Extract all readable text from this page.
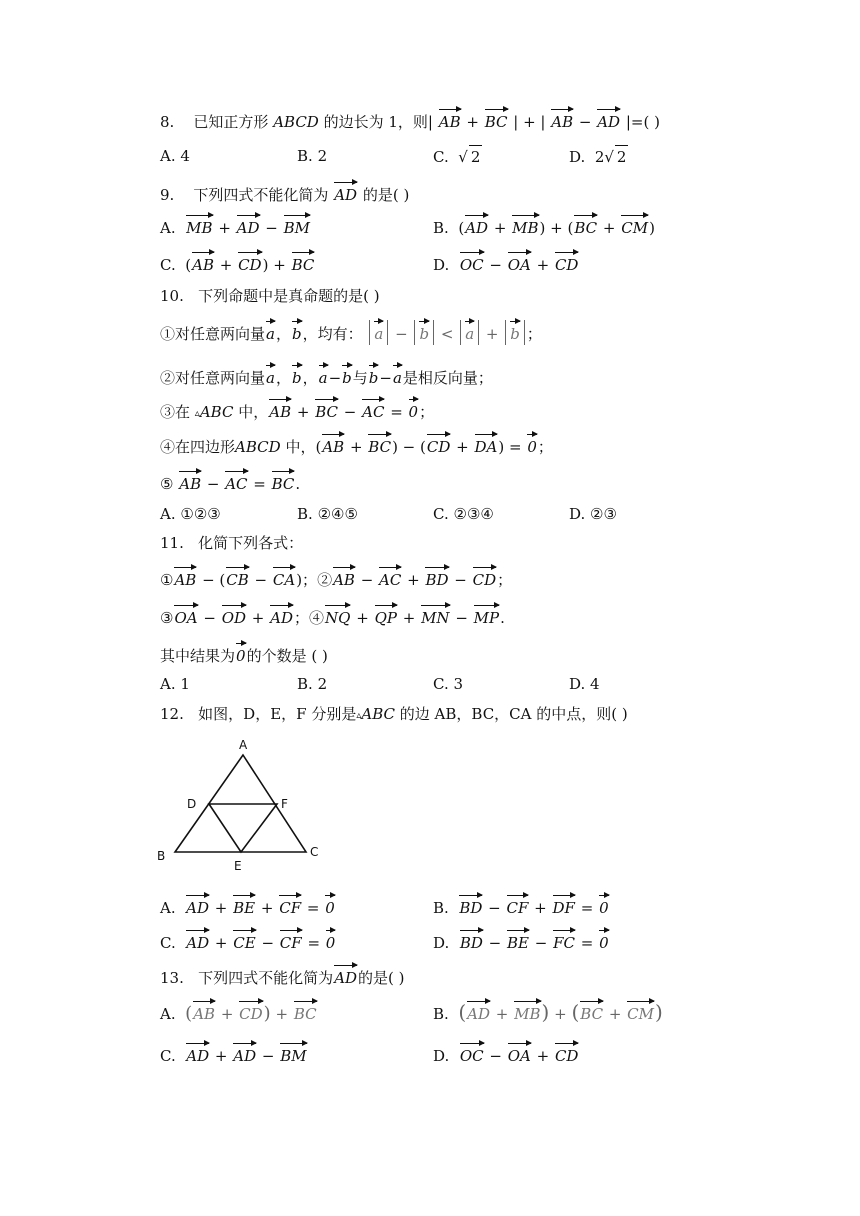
8. 已知正方形 ABCD 的边长为 1，则| AB + BC | + | AB − AD |=( )
A. 4	B. 2	C.  √ 2	D. 2√ 2
9. 下列四式不能化简为 AD 的是( )
A. MB + AD − BM	B.  (AD + MB) + (BC + CM)
C.  (AB + CD) + BC	D. OC − OA + CD
10. 下列命题中是真命题的是( )
①对任意两向量a，b，均有： a − b < a + b ；
②对任意两向量a，b，a−b与b−a是相反向量；
③在 ▵ABC 中，AB + BC − AC = 0；
④在四边形ABCD 中，(AB + BC) − (CD + DA) = 0；
⑤ AB − AC = BC.
A. ①②③	B. ②④⑤	C. ②③④	D. ②③
11. 化简下列各式：
①AB − (CB − CA)；②AB − AC + BD − CD；
③OA − OD + AD；④NQ + QP + MN − MP.
其中结果为0的个数是 ( )
A. 1	B. 2	C. 3	D. 4
12. 如图，D，E，F 分别是▵ABC 的边 AB，BC，CA 的中点，则( )
A
B	C
D	F
E
A. AD + BE + CF = 0	B. BD − CF + DF = 0
C. AD + CE − CF = 0	D. BD − BE − FC = 0
13. 下列四式不能化简为AD的是( )
A. (AB + CD) + BC	B. (AD + MB) + (BC + CM)
C. AD + AD − BM	D. OC − OA + CD
